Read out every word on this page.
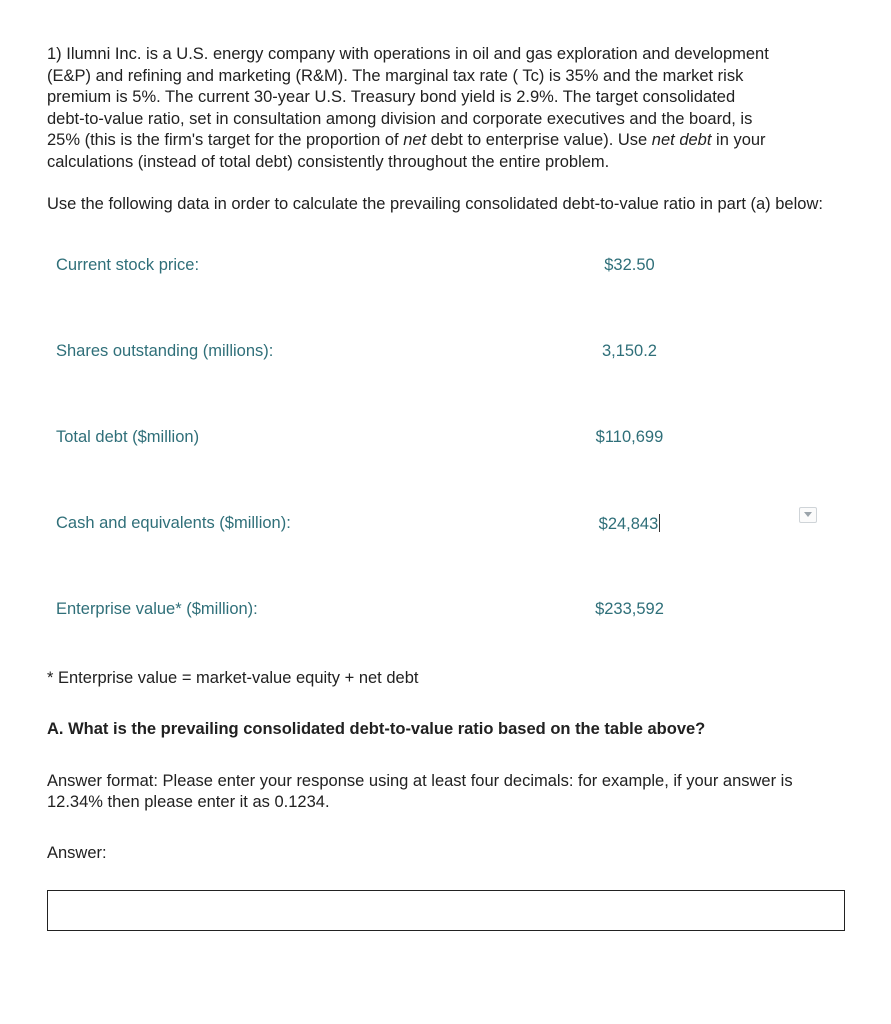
1) Ilumni Inc. is a U.S. energy company with operations in oil and gas exploration and development
(E&P) and refining and marketing (R&M). The marginal tax rate ( Tc) is 35% and the market risk
premium is 5%. The current 30-year U.S. Treasury bond yield is 2.9%. The target consolidated
debt-to-value ratio, set in consultation among division and corporate executives and the board, is
25% (this is the firm's target for the proportion of net debt to enterprise value). Use net debt in your
calculations (instead of total debt) consistently throughout the entire problem.

Use the following data in order to calculate the prevailing consolidated debt-to-value ratio in part (a) below:

Current stock price:	$32.50	
Shares outstanding (millions):	3,150.2	
Total debt ($million)	$110,699	
Cash and equivalents ($million):	$24,843	

Enterprise value* ($million):	$233,592	
* Enterprise value = market-value equity + net debt
A. What is the prevailing consolidated debt-to-value ratio based on the table above?
Answer format: Please enter your response using at least four decimals: for example, if your answer is 12.34% then please enter it as 0.1234.
Answer:
